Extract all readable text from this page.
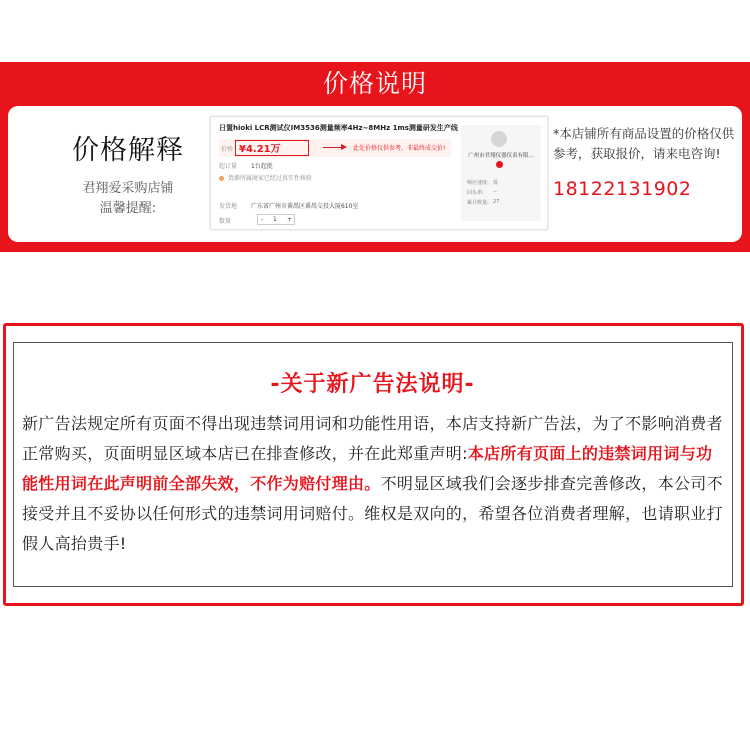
价格说明
价格解释
君翔爱采购店铺
温馨提醒:
日置hioki LCR测试仪IM3536测量频率4Hz~8MHz 1ms测量研发生产线
价格 ¥4.21万	此处价格仅供参考，非最终成交价!
起订量 1台起批
货源所属商家已经过真实性核验
发货地 广东省广州市番禺区番禺交投大厦610室
数量	- 1 +
广州市君翔仪器仪表有限...
响应速度: 低
回头率: --
累计数量: 27
*本店铺所有商品设置的价格仅供参考，获取报价，请来电咨询!
18122131902
-关于新广告法说明-
新广告法规定所有页面不得出现违禁词用词和功能性用语，本店支持新广告法，为了不影响消费者正常购买，页面明显区域本店已在排查修改，并在此郑重声明:本店所有页面上的违禁词用词与功能性用词在此声明前全部失效，不作为赔付理由。不明显区域我们会逐步排查完善修改，本公司不接受并且不妥协以任何形式的违禁词用词赔付。维权是双向的，希望各位消费者理解，也请职业打假人高抬贵手!
